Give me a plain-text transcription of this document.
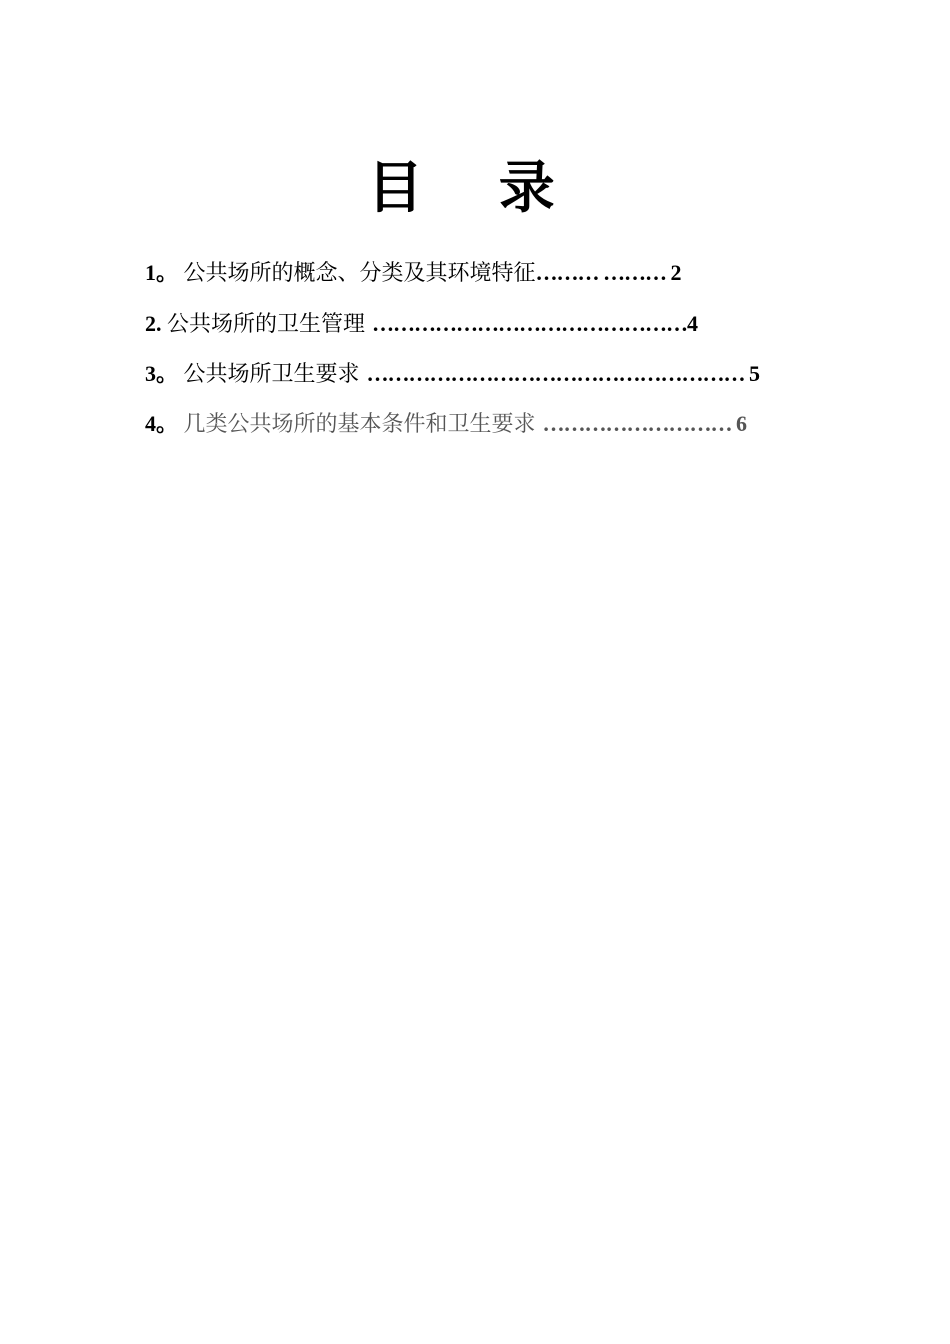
目 录
1。 公共场所的概念、分类及其环境特征……… ……… 2
2. 公共场所的卫生管理 ………………………………………4
3。 公共场所卫生要求 ……………………………………………… 5
4。 几类公共场所的基本条件和卫生要求 ……………………… 6
